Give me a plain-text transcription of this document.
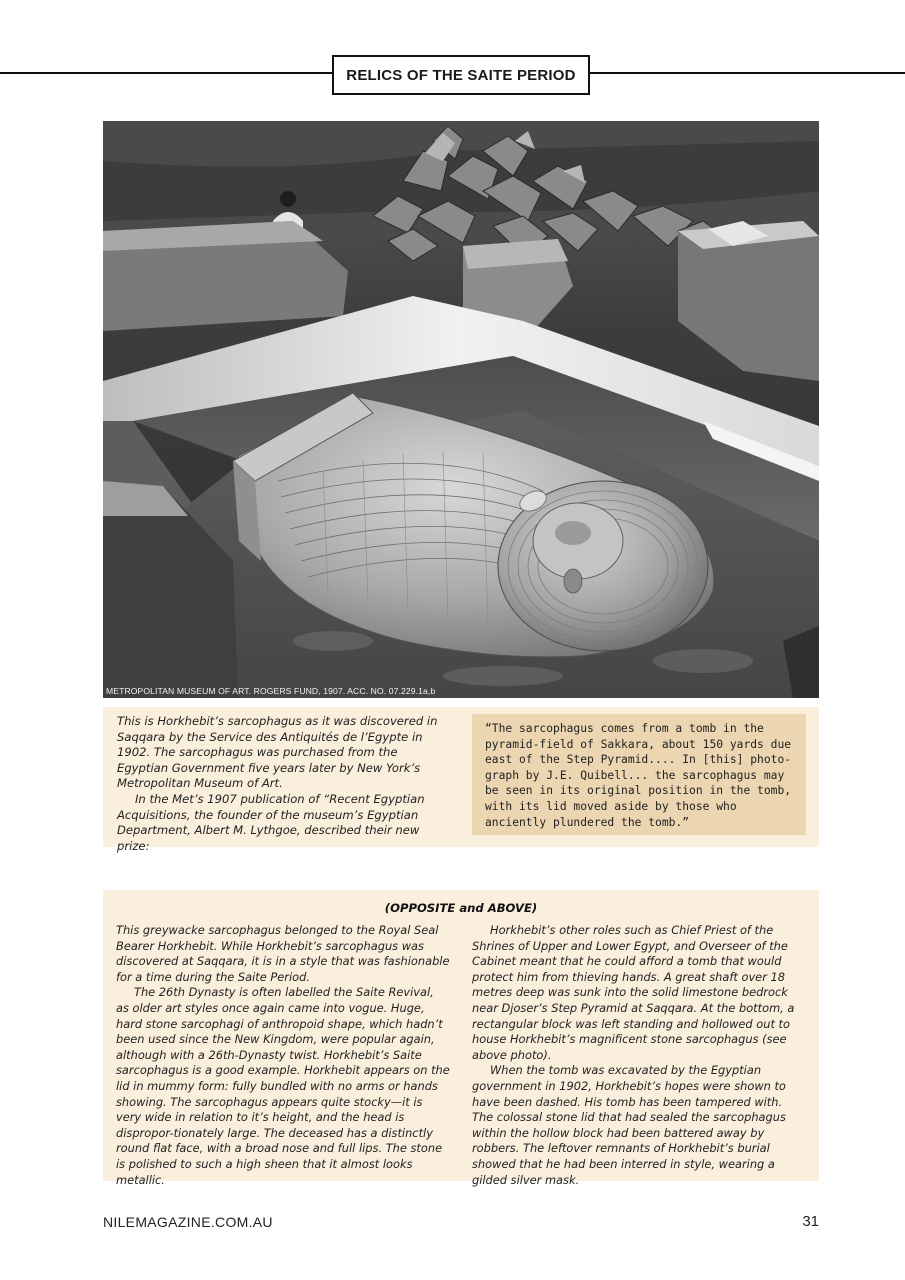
RELICS OF THE SAITE PERIOD
METROPOLITAN MUSEUM OF ART. ROGERS FUND, 1907. ACC. NO. 07.229.1a,b

This is Horkhebit’s sarcophagus as it was discovered in Saqqara by the Service des Antiquités de l’Egypte in 1902. The sarcophagus was purchased from the Egyptian Government five years later by New York’s Metropolitan Museum of Art.

In the Met’s 1907 publication of “Recent Egyptian Acquisitions, the founder of the museum’s Egyptian Department, Albert M. Lythgoe, described their new prize:

“The sarcophagus comes from a tomb in the pyramid-field of Sakkara, about 150 yards due east of the Step Pyramid.... In [this] photo-graph by J.E. Quibell... the sarcophagus may be seen in its original position in the tomb, with its lid moved aside by those who anciently plundered the tomb.”
(OPPOSITE and ABOVE)

This greywacke sarcophagus belonged to the Royal Seal Bearer Horkhebit. While Horkhebit’s sarcophagus was discovered at Saqqara, it is in a style that was fashionable for a time during the Saite Period.

The 26th Dynasty is often labelled the Saite Revival, as older art styles once again came into vogue. Huge, hard stone sarcophagi of anthropoid shape, which hadn’t been used since the New Kingdom, were popular again, although with a 26th-Dynasty twist. Horkhebit’s Saite sarcophagus is a good example. Horkhebit appears on the lid in mummy form: fully bundled with no arms or hands showing. The sarcophagus appears quite stocky—it is very wide in relation to it’s height, and the head is dispropor-tionately large. The deceased has a distinctly round flat face, with a broad nose and full lips. The stone is polished to such a high sheen that it almost looks metallic.

Horkhebit’s other roles such as Chief Priest of the Shrines of Upper and Lower Egypt, and Overseer of the Cabinet meant that he could afford a tomb that would protect him from thieving hands. A great shaft over 18 metres deep was sunk into the solid limestone bedrock near Djoser’s Step Pyramid at Saqqara. At the bottom, a rectangular block was left standing and hollowed out to house Horkhebit’s magnificent stone sarcophagus (see above photo).

When the tomb was excavated by the Egyptian government in 1902, Horkhebit’s hopes were shown to have been dashed. His tomb has been tampered with. The colossal stone lid that had sealed the sarcophagus within the hollow block had been battered away by robbers. The leftover remnants of Horkhebit’s burial showed that he had been interred in style, wearing a gilded silver mask.

NILEMAGAZINE.COM.AU	31
